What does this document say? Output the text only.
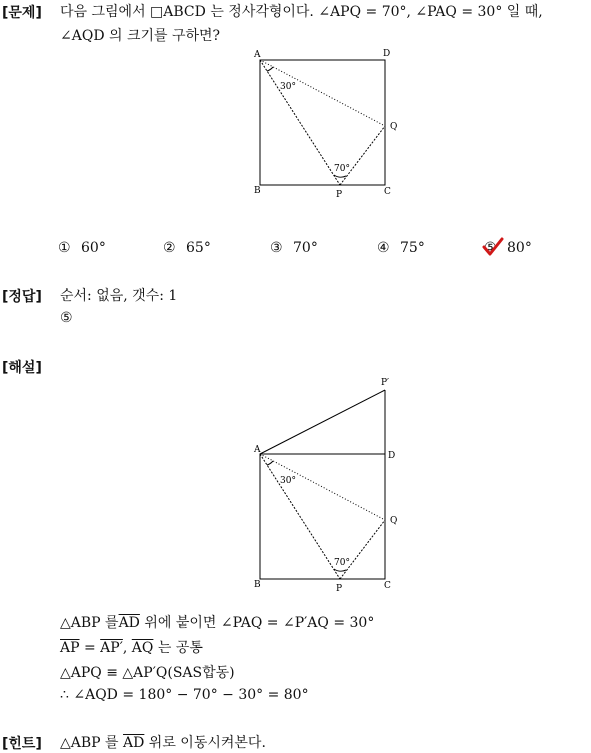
[문제] 다음 그림에서 □ABCD 는 정사각형이다. ∠APQ = 70°, ∠PAQ = 30° 일 때,
∠AQD 의 크기를 구하면?
A	D
B	C
P
Q
30°
70°
① 60°	② 65°	③ 70°	④ 75°	⑤ 80°
[정답] 순서: 없음, 갯수: 1
⑤
[해설]
P′
A
D
B	C
P
Q
30°
70°
△ABP 를$\overline{AD}$ 위에 붙이면 ∠PAQ = ∠P′AQ = 30°
$\overline{AP} = AP'$, $\overline{AQ}$ 는 공통
△APQ ≡ △AP′Q(SAS합동)
∴ ∠AQD = 180° − 70° − 30° = 80°
[힌트] △ABP 를 $\overline{AD}$ 위로 이동시켜본다.
